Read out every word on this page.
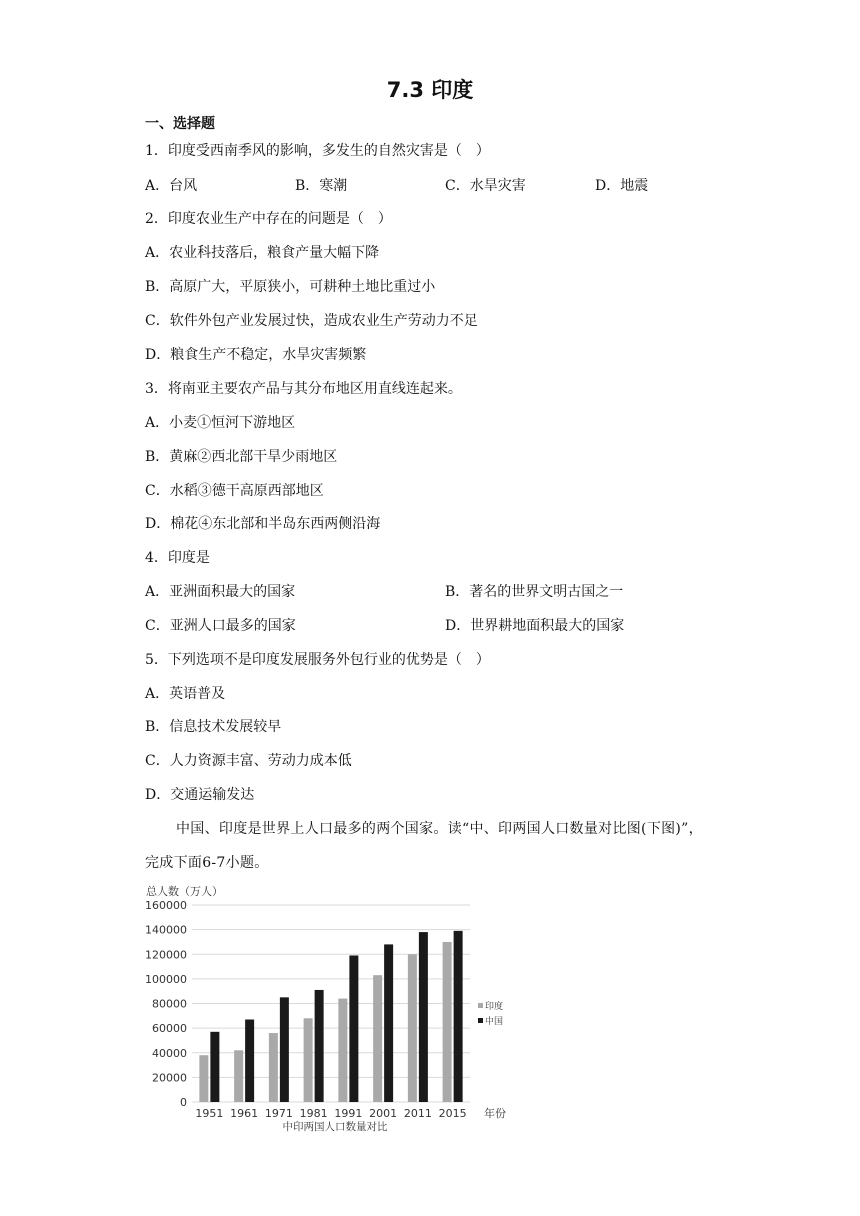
7.3 印度
一、选择题
1．印度受西南季风的影响，多发生的自然灾害是（　）
A．台风	B．寒潮	C．水旱灾害	D．地震
2．印度农业生产中存在的问题是（　）
A．农业科技落后，粮食产量大幅下降
B．高原广大，平原狭小，可耕种土地比重过小
C．软件外包产业发展过快，造成农业生产劳动力不足
D．粮食生产不稳定，水旱灾害频繁
3．将南亚主要农产品与其分布地区用直线连起来。
A．小麦①恒河下游地区
B．黄麻②西北部干旱少雨地区
C．水稻③德干高原西部地区
D．棉花④东北部和半岛东西两侧沿海
4．印度是
A．亚洲面积最大的国家	B．著名的世界文明古国之一
C．亚洲人口最多的国家	D．世界耕地面积最大的国家
5．下列选项不是印度发展服务外包行业的优势是（　）
A．英语普及
B．信息技术发展较早
C．人力资源丰富、劳动力成本低
D．交通运输发达
中国、印度是世界上人口最多的两个国家。读“中、印两国人口数量对比图(下图)”，
完成下面6-7小题。
总人数（万人）
160000
140000
120000
100000
80000
60000
40000
20000
0
1951 1961 1971 1981 1991 2001 2011 2015 年份
中印两国人口数量对比
印度
中国
